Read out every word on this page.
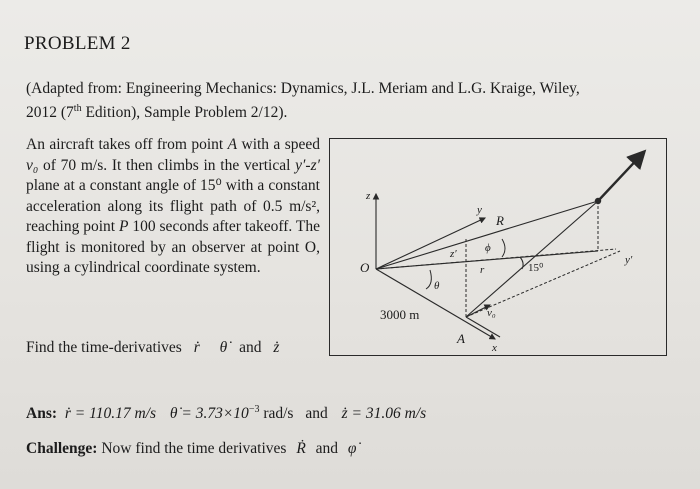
PROBLEM 2
(Adapted from: Engineering Mechanics: Dynamics, J.L. Meriam and L.G. Kraige, Wiley,
2012 (7th Edition), Sample Problem 2/12).
An aircraft takes off from point A with a speed v₀ of 70 m/s. It then climbs in the vertical y′-z′ plane at a constant angle of 15⁰ with a constant acceleration along its flight path of 0.5 m/s², reaching point P 100 seconds after takeoff. The flight is monitored by an observer at point O, using a cylindrical coordinate system.
Find the time-derivatives ṙ θ̇ and ż
Ans: ṙ = 110.17 m/s θ̇ = $3.73\times 10^{-3}$ rad/s and ż = 31.06 m/s
Challenge: Now find the time derivatives Ṙ and φ̇
z
y
R
ϕ
z′
r	15⁰
y′
O
θ
v₀
3000 m
A
x
